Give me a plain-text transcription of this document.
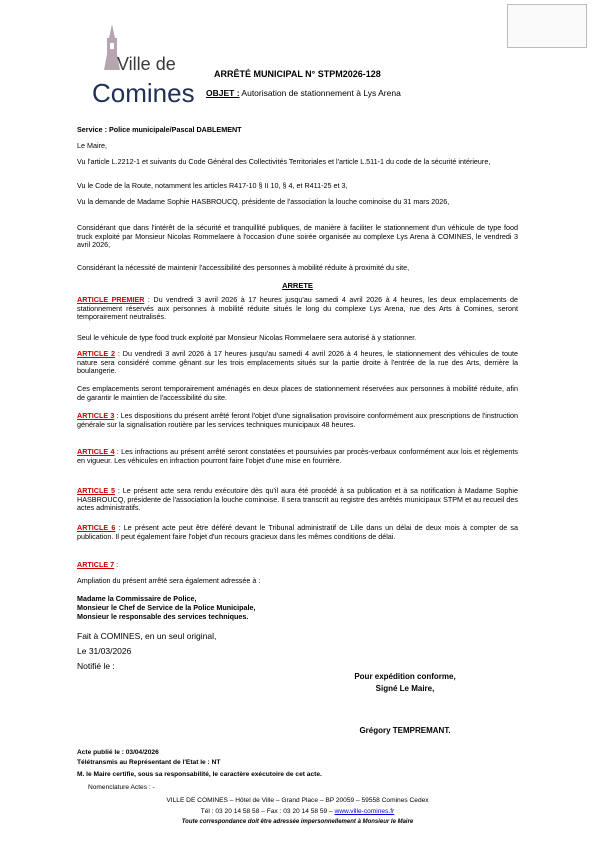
Ville de
Comines
ARRÊTÉ MUNICIPAL N° STPM2026-128
OBJET : Autorisation de stationnement à Lys Arena

Service : Police municipale/Pascal DABLEMENT

Le Maire,

Vu l'article L.2212-1 et suivants du Code Général des Collectivités Territoriales et l'article L.511-1 du code de la sécurité intérieure,

Vu le Code de la Route, notamment les articles R417-10 § II 10, § 4, et R411-25 et 3,

Vu la demande de Madame Sophie HASBROUCQ, présidente de l'association la louche cominoise du 31 mars 2026,

Considérant que dans l'intérêt de la sécurité et tranquillité publiques, de manière à faciliter le stationnement d'un véhicule de type food truck exploité par Monsieur Nicolas Rommelaere à l'occasion d'une soirée organisée au complexe Lys Arena à COMINES, le vendredi 3 avril 2026,

Considérant la nécessité de maintenir l'accessibilité des personnes à mobilité réduite à proximité du site,

ARRETE

ARTICLE PREMIER : Du vendredi 3 avril 2026 à 17 heures jusqu'au samedi 4 avril 2026 à 4 heures, les deux emplacements de stationnement réservés aux personnes à mobilité réduite situés le long du complexe Lys Arena, rue des Arts à Comines, seront temporairement neutralisés.

Seul le véhicule de type food truck exploité par Monsieur Nicolas Rommelaere sera autorisé à y stationner.

ARTICLE 2 : Du vendredi 3 avril 2026 à 17 heures jusqu'au samedi 4 avril 2026 à 4 heures, le stationnement des véhicules de toute nature sera considéré comme gênant sur les trois emplacements situés sur la partie droite à l'entrée de la rue des Arts, derrière la boulangerie.

Ces emplacements seront temporairement aménagés en deux places de stationnement réservées aux personnes à mobilité réduite, afin de garantir le maintien de l'accessibilité du site.

ARTICLE 3 : Les dispositions du présent arrêté feront l'objet d'une signalisation provisoire conformément aux prescriptions de l'instruction générale sur la signalisation routière par les services techniques municipaux 48 heures.

ARTICLE 4 : Les infractions au présent arrêté seront constatées et poursuivies par procès-verbaux conformément aux lois et règlements en vigueur. Les véhicules en infraction pourront faire l'objet d'une mise en fourrière.

ARTICLE 5 : Le présent acte sera rendu exécutoire dès qu'il aura été procédé à sa publication et à sa notification à Madame Sophie HASBROUCQ, présidente de l'association la louche cominoise. Il sera transcrit au registre des arrêtés municipaux STPM et au recueil des actes administratifs.

ARTICLE 6 : Le présent acte peut être déféré devant le Tribunal administratif de Lille dans un délai de deux mois à compter de sa publication. Il peut également faire l'objet d'un recours gracieux dans les mêmes conditions de délai.

ARTICLE 7 :

Ampliation du présent arrêté sera également adressée à :

Madame la Commissaire de Police,

Monsieur le Chef de Service de la Police Municipale,

Monsieur le responsable des services techniques.

Fait à COMINES, en un seul original,
Le 31/03/2026
Notifié le :
Pour expédition conforme,
Signé Le Maire,
Grégory TEMPREMANT.
Acte publié le : 03/04/2026
Télétransmis au Représentant de l'Etat le : NT
M. le Maire certifie, sous sa responsabilité, le caractère exécutoire de cet acte.
Nomenclature Actes : -
VILLE DE COMINES – Hôtel de Ville – Grand Place – BP 20059 – 59558 Comines Cedex
Tél : 03 20 14 58 58 – Fax : 03 20 14 58 59 – www.ville-comines.fr
Toute correspondance doit être adressée impersonnellement à Monsieur le Maire
